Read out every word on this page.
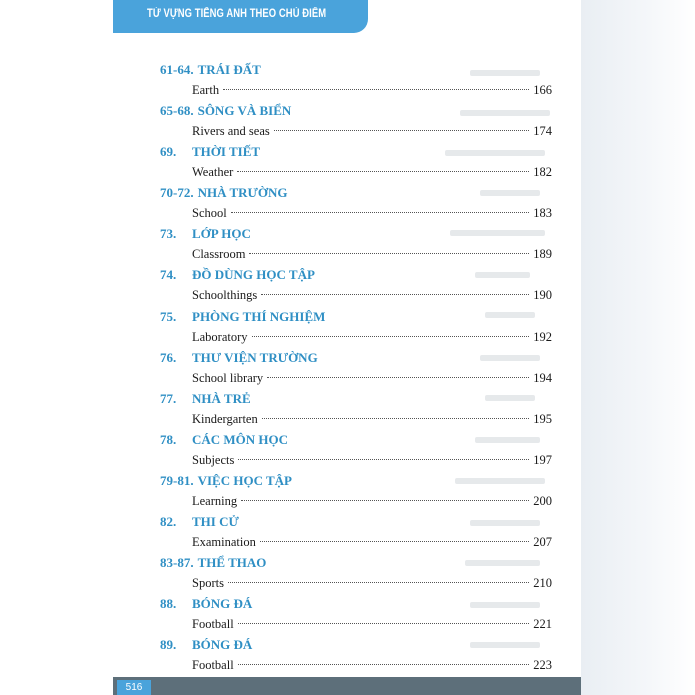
TỪ VỰNG TIẾNG ANH THEO CHỦ ĐIỂM
61-64. TRÁI ĐẤT
Earth	166
65-68. SÔNG VÀ BIỂN
Rivers and seas	174
69. THỜI TIẾT
Weather	182
70-72. NHÀ TRƯỜNG
School	183
73. LỚP HỌC
Classroom	189
74. ĐỒ DÙNG HỌC TẬP
Schoolthings	190
75. PHÒNG THÍ NGHIỆM
Laboratory	192
76. THƯ VIỆN TRƯỜNG
School library	194
77. NHÀ TRẺ
Kindergarten	195
78. CÁC MÔN HỌC
Subjects	197
79-81. VIỆC HỌC TẬP
Learning	200
82. THI CỬ
Examination	207
83-87. THỂ THAO
Sports	210
88. BÓNG ĐÁ
Football	221
89. BÓNG ĐÁ
Football	223
516
